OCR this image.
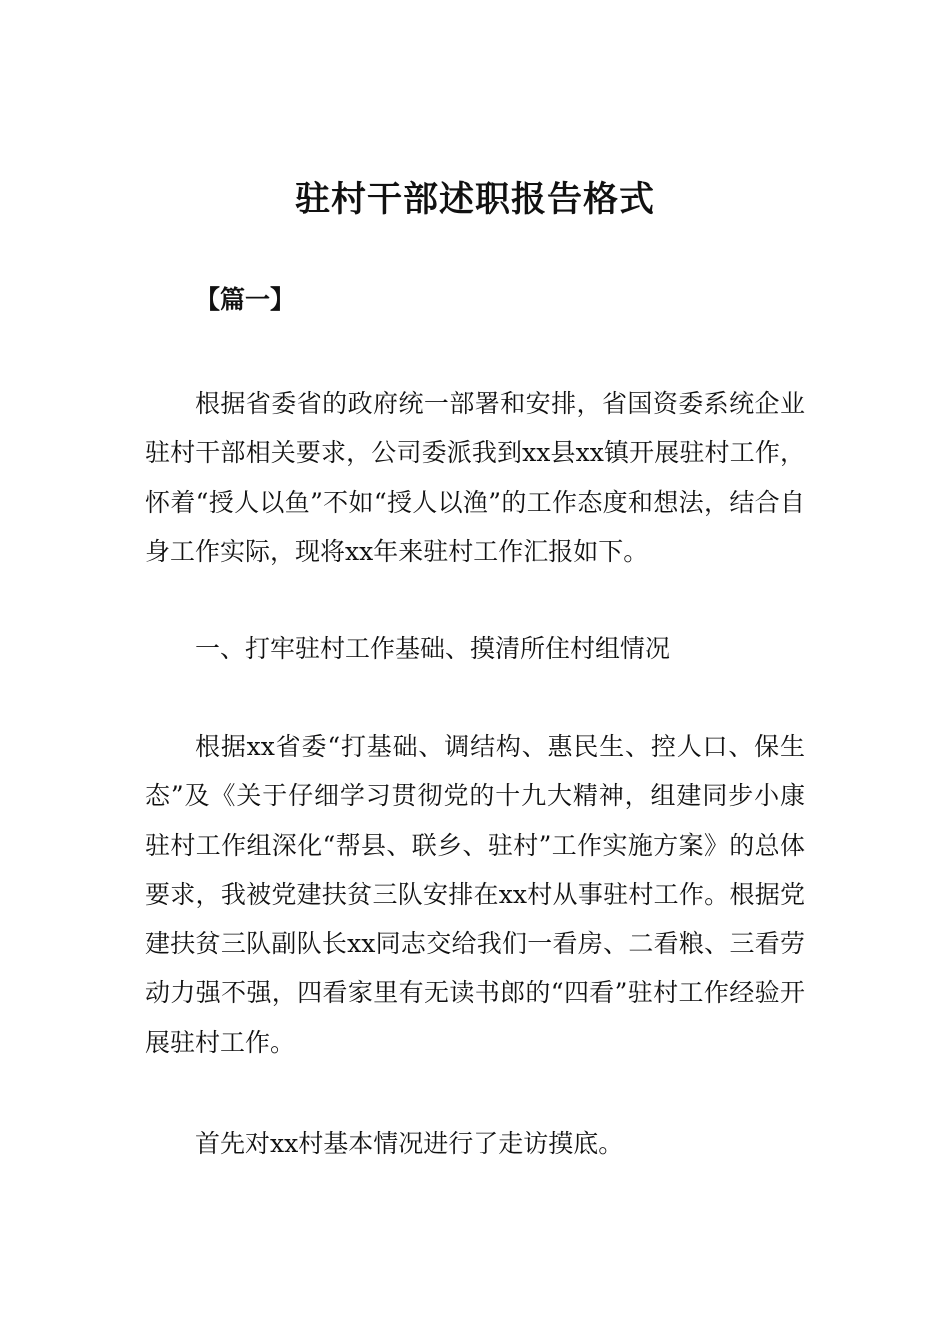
驻村干部述职报告格式

【篇一】

根据省委省的政府统一部署和安排，省国资委系统企业驻村干部相关要求，公司委派我到xx县xx镇开展驻村工作，怀着“授人以鱼”不如“授人以渔”的工作态度和想法，结合自身工作实际，现将xx年来驻村工作汇报如下。

一、打牢驻村工作基础、摸清所住村组情况

根据xx省委“打基础、调结构、惠民生、控人口、保生态”及《关于仔细学习贯彻党的十九大精神，组建同步小康驻村工作组深化“帮县、联乡、驻村”工作实施方案》的总体要求，我被党建扶贫三队安排在xx村从事驻村工作。根据党建扶贫三队副队长xx同志交给我们一看房、二看粮、三看劳动力强不强，四看家里有无读书郎的“四看”驻村工作经验开展驻村工作。

首先对xx村基本情况进行了走访摸底。
